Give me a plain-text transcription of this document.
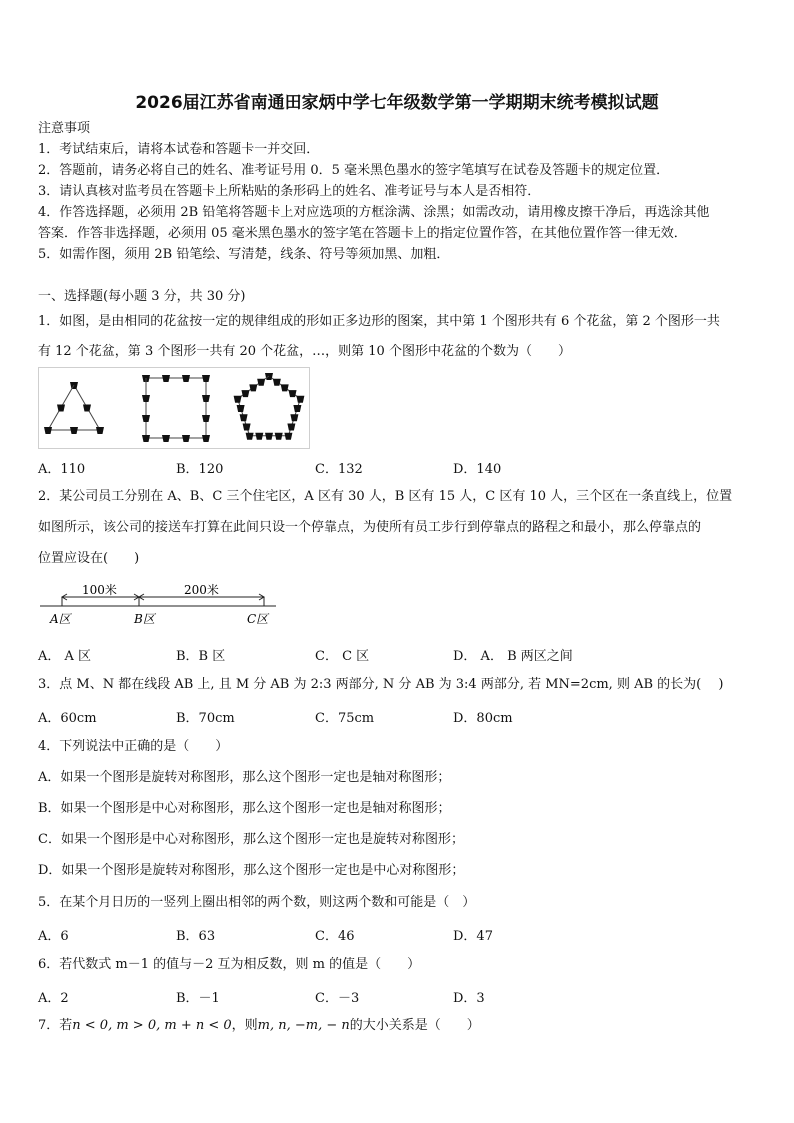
2026届江苏省南通田家炳中学七年级数学第一学期期末统考模拟试题
注意事项
1．考试结束后，请将本试卷和答题卡一并交回．
2．答题前，请务必将自己的姓名、准考证号用 0．5 毫米黑色墨水的签字笔填写在试卷及答题卡的规定位置．
3．请认真核对监考员在答题卡上所粘贴的条形码上的姓名、准考证号与本人是否相符．
4．作答选择题，必须用 2B 铅笔将答题卡上对应选项的方框涂满、涂黑；如需改动，请用橡皮擦干净后，再选涂其他
答案．作答非选择题，必须用 05 毫米黑色墨水的签字笔在答题卡上的指定位置作答，在其他位置作答一律无效．
5．如需作图，须用 2B 铅笔绘、写清楚，线条、符号等须加黑、加粗．
一、选择题(每小题 3 分，共 30 分)
1．如图，是由相同的花盆按一定的规律组成的形如正多边形的图案，其中第 1 个图形共有 6 个花盆，第 2 个图形一共
有 12 个花盆，第 3 个图形一共有 20 个花盆，…，则第 10 个图形中花盆的个数为（　　）
A．110	B．120	C．132	D．140
2．某公司员工分别在 A、B、C 三个住宅区，A 区有 30 人，B 区有 15 人，C 区有 10 人，三个区在一条直线上，位置
如图所示，该公司的接送车打算在此间只设一个停靠点，为使所有员工步行到停靠点的路程之和最小，那么停靠点的
位置应设在(　　)
100米	200米
A区	B区	C区
A． A 区	B．B 区	C． C 区	D． A． B 两区之间
3．点 M、N 都在线段 AB 上, 且 M 分 AB 为 2:3 两部分, N 分 AB 为 3:4 两部分, 若 MN=2cm, 则 AB 的长为(　 )
A．60cm	B．70cm	C．75cm	D．80cm
4．下列说法中正确的是（　　）
A．如果一个图形是旋转对称图形，那么这个图形一定也是轴对称图形；
B．如果一个图形是中心对称图形，那么这个图形一定也是轴对称图形；
C．如果一个图形是中心对称图形，那么这个图形一定也是旋转对称图形；
D．如果一个图形是旋转对称图形，那么这个图形一定也是中心对称图形；
5．在某个月日历的一竖列上圈出相邻的两个数，则这两个数和可能是（　）
A．6	B．63	C．46	D．47
6．若代数式 m－1 的值与－2 互为相反数，则 m 的值是（　　）
A．2	B．－1	C．－3	D．3
7．若n < 0, m > 0, m + n < 0，则m, n, −m, − n的大小关系是（　　）
